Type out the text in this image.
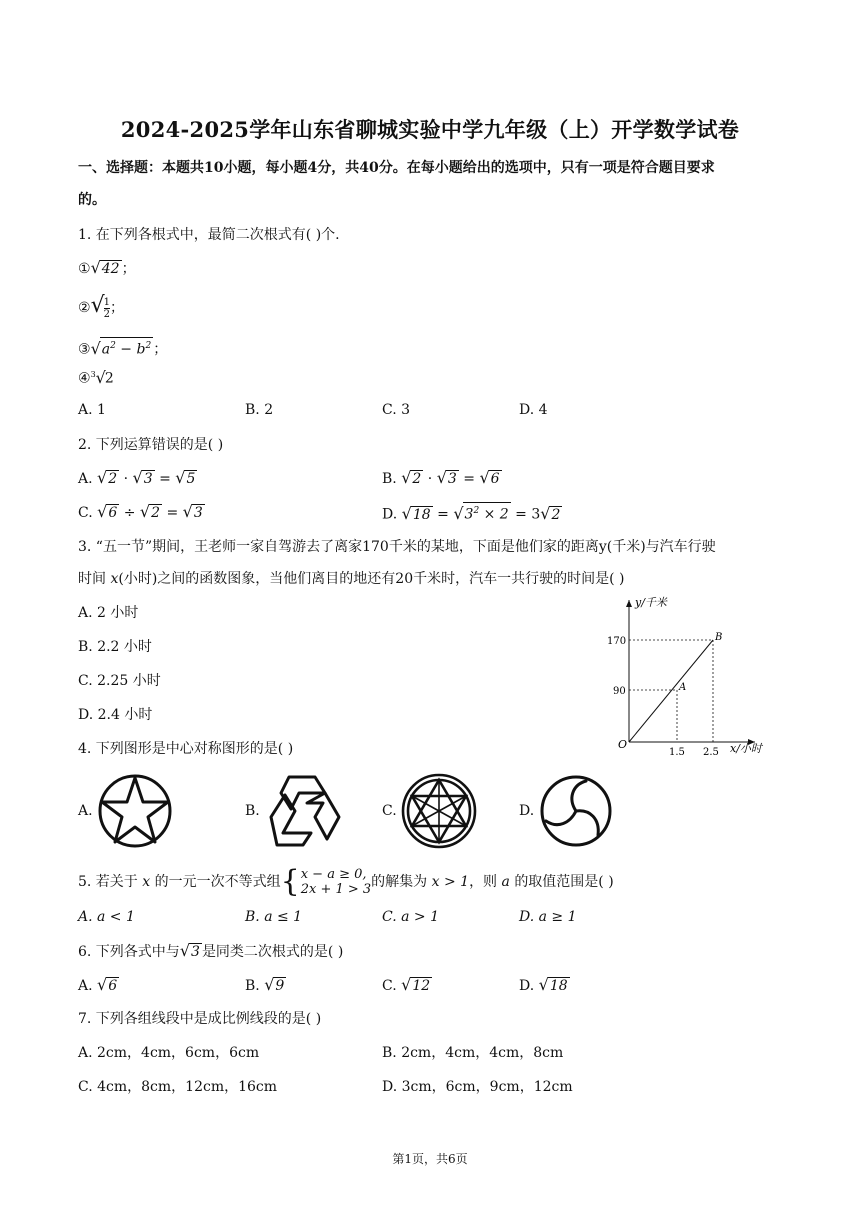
2024-2025学年山东省聊城实验中学九年级（上）开学数学试卷
一、选择题：本题共10小题，每小题4分，共40分。在每小题给出的选项中，只有一项是符合题目要求
的。
1. 在下列各根式中，最简二次根式有( )个.
①√42 ；
②√ $\frac{1}{2}$ ；
$③√a^2 - b^2$ ；
④$^3$√2
A. 1	B. 2	C. 3	D. 4
2. 下列运算错误的是( )
A. √2 · √3 = √5	B. √2 · √3 = √6
C. √6 ÷ √2 = √3	D. $√18 = √3^2 \times 2 = 3√2$
3. “五一节”期间，王老师一家自驾游去了离家170千米的某地，下面是他们家的距离y(千米)与汽车行驶
时间 x(小时)之间的函数图象，当他们离目的地还有20千米时，汽车一共行驶的时间是( )
A. 2 小时
B. 2.2 小时
C. 2.25 小时
D. 2.4 小时
y/千米
x/小时
O
A
B
170
90
1.5 2.5
4. 下列图形是中心对称图形的是( )
A.	B.	C.	D.
5. 若关于 x 的一元一次不等式组 { x − a ≥ 0,
2x + 1 > 3 的解集为 x > 1，则 a 的取值范围是( )
A. a < 1	B. a ≤ 1	C. a > 1	D. a ≥ 1
6. 下列各式中与√3 是同类二次根式的是( )
A. √6	B. √9	C. √12	D. √18
7. 下列各组线段中是成比例线段的是( )
A. 2cm，4cm，6cm，6cm	B. 2cm，4cm，4cm，8cm
C. 4cm，8cm，12cm，16cm	D. 3cm，6cm，9cm，12cm
第1页，共6页
